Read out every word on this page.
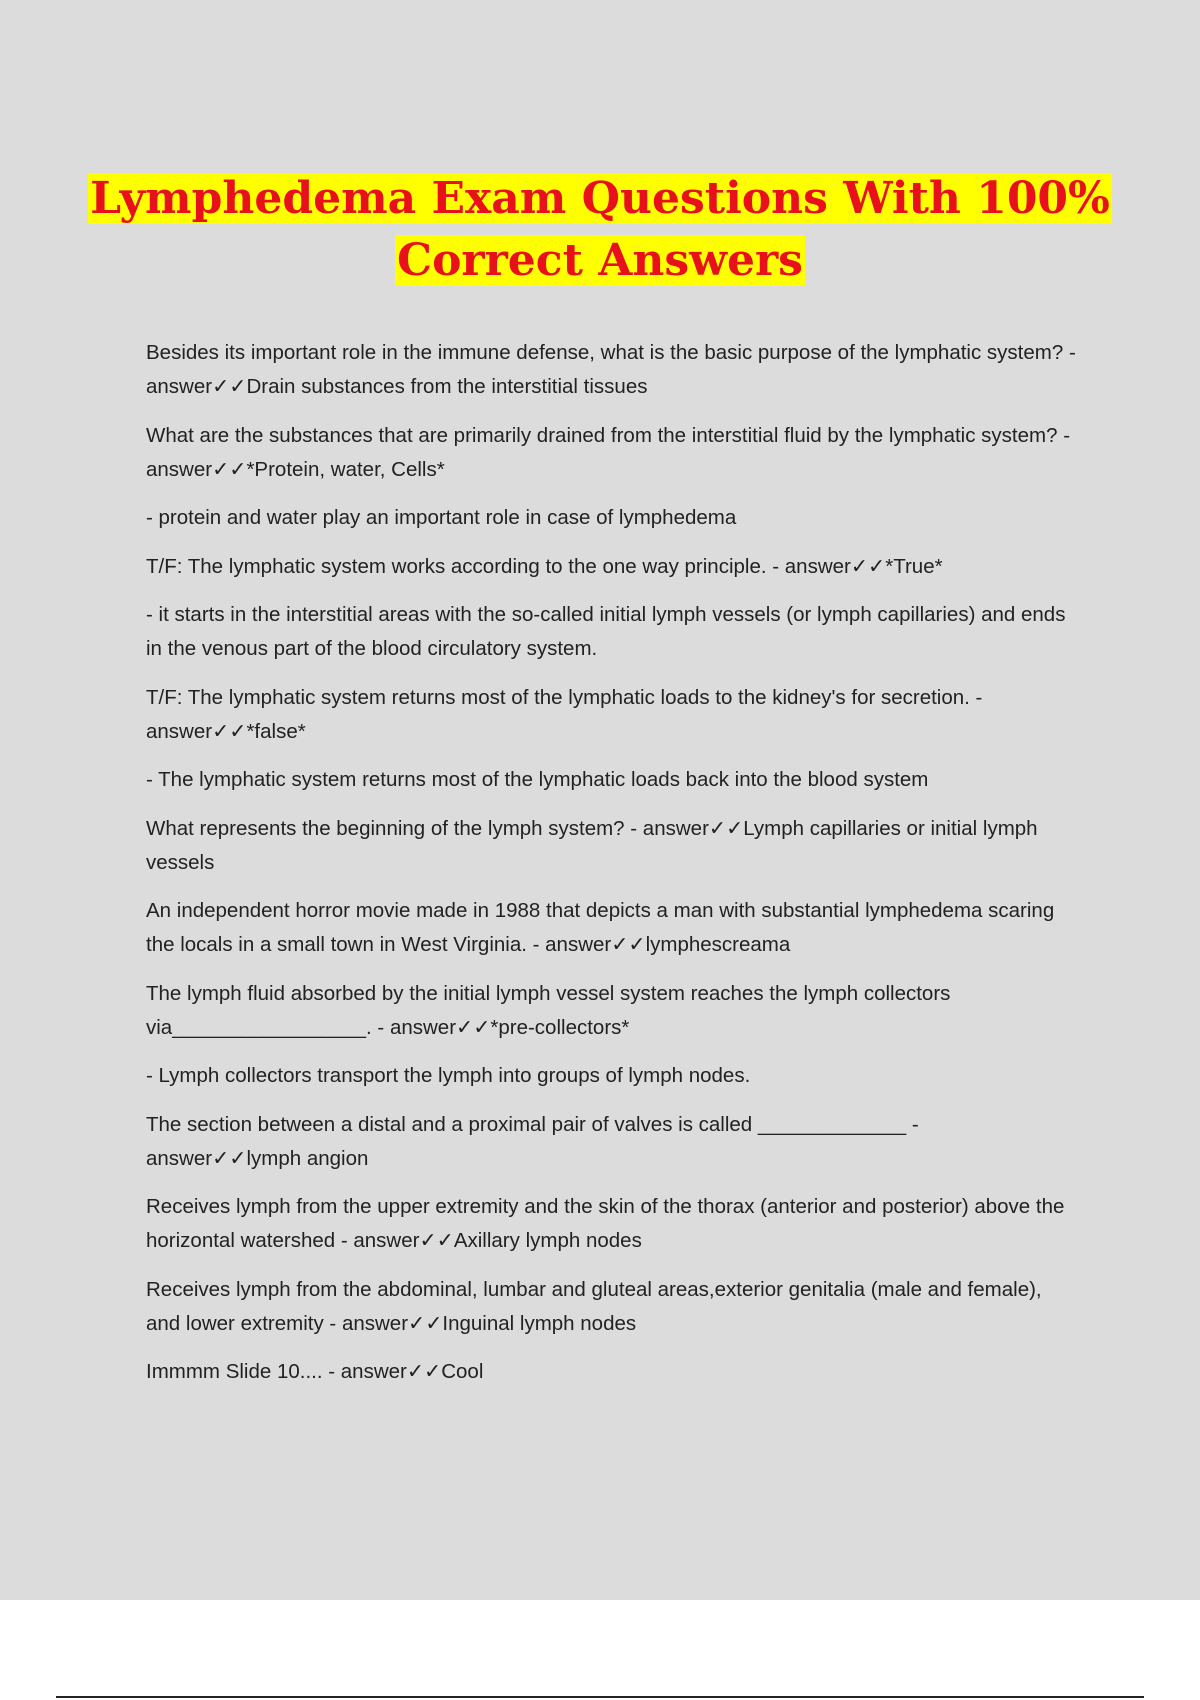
Lymphedema Exam Questions With 100%
Correct Answers

Besides its important role in the immune defense, what is the basic purpose of the lymphatic system? - answer✓✓Drain substances from the interstitial tissues

What are the substances that are primarily drained from the interstitial fluid by the lymphatic system? - answer✓✓*Protein, water, Cells*

- protein and water play an important role in case of lymphedema

T/F: The lymphatic system works according to the one way principle. - answer✓✓*True*

- it starts in the interstitial areas with the so-called initial lymph vessels (or lymph capillaries) and ends in the venous part of the blood circulatory system.

T/F: The lymphatic system returns most of the lymphatic loads to the kidney's for secretion. - answer✓✓*false*

- The lymphatic system returns most of the lymphatic loads back into the blood system

What represents the beginning of the lymph system? - answer✓✓Lymph capillaries or initial lymph vessels

An independent horror movie made in 1988 that depicts a man with substantial lymphedema scaring the locals in a small town in West Virginia. - answer✓✓lymphescreama

The lymph fluid absorbed by the initial lymph vessel system reaches the lymph collectors via_________________. - answer✓✓*pre-collectors*

- Lymph collectors transport the lymph into groups of lymph nodes.

The section between a distal and a proximal pair of valves is called _____________ - answer✓✓lymph angion

Receives lymph from the upper extremity and the skin of the thorax (anterior and posterior) above the horizontal watershed - answer✓✓Axillary lymph nodes

Receives lymph from the abdominal, lumbar and gluteal areas,exterior genitalia (male and female), and lower extremity - answer✓✓Inguinal lymph nodes

Immmm Slide 10.... - answer✓✓Cool
